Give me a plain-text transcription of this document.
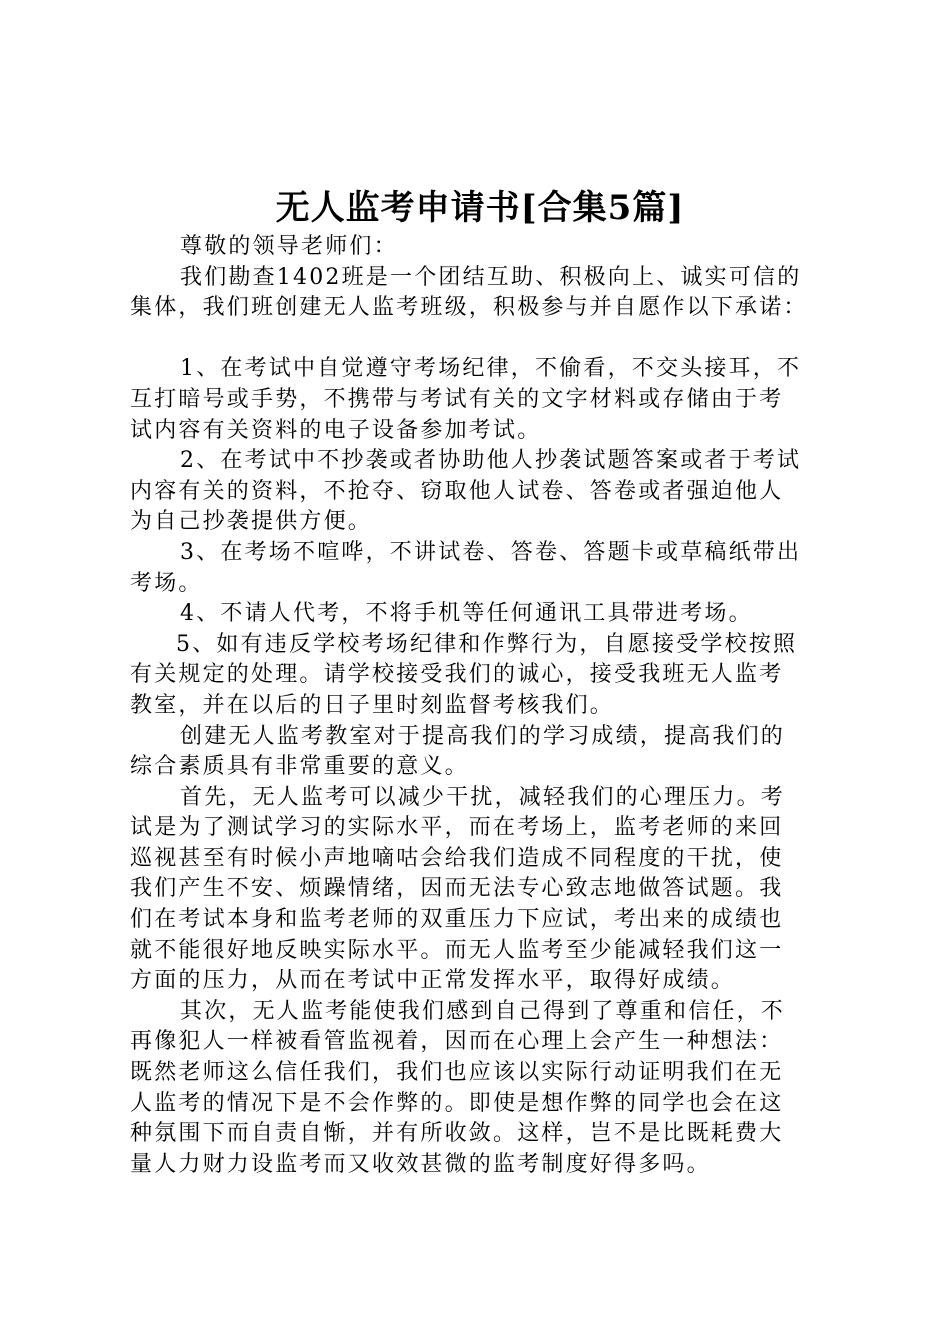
无人监考申请书[合集5篇]
尊敬的领导老师们：
我们勘查1402班是一个团结互助、积极向上、诚实可信的
集体，我们班创建无人监考班级，积极参与并自愿作以下承诺：
1、在考试中自觉遵守考场纪律，不偷看，不交头接耳，不
互打暗号或手势，不携带与考试有关的文字材料或存储由于考
试内容有关资料的电子设备参加考试。
2、在考试中不抄袭或者协助他人抄袭试题答案或者于考试
内容有关的资料，不抢夺、窃取他人试卷、答卷或者强迫他人
为自己抄袭提供方便。
3、在考场不喧哗，不讲试卷、答卷、答题卡或草稿纸带出
考场。
4、不请人代考，不将手机等任何通讯工具带进考场。
5、如有违反学校考场纪律和作弊行为，自愿接受学校按照
有关规定的处理。请学校接受我们的诚心，接受我班无人监考
教室，并在以后的日子里时刻监督考核我们。
创建无人监考教室对于提高我们的学习成绩，提高我们的
综合素质具有非常重要的意义。
首先，无人监考可以减少干扰，减轻我们的心理压力。考
试是为了测试学习的实际水平，而在考场上，监考老师的来回
巡视甚至有时候小声地嘀咕会给我们造成不同程度的干扰，使
我们产生不安、烦躁情绪，因而无法专心致志地做答试题。我
们在考试本身和监考老师的双重压力下应试，考出来的成绩也
就不能很好地反映实际水平。而无人监考至少能减轻我们这一
方面的压力，从而在考试中正常发挥水平，取得好成绩。
其次，无人监考能使我们感到自己得到了尊重和信任，不
再像犯人一样被看管监视着，因而在心理上会产生一种想法：
既然老师这么信任我们，我们也应该以实际行动证明我们在无
人监考的情况下是不会作弊的。即使是想作弊的同学也会在这
种氛围下而自责自惭，并有所收敛。这样，岂不是比既耗费大
量人力财力设监考而又收效甚微的监考制度好得多吗。
